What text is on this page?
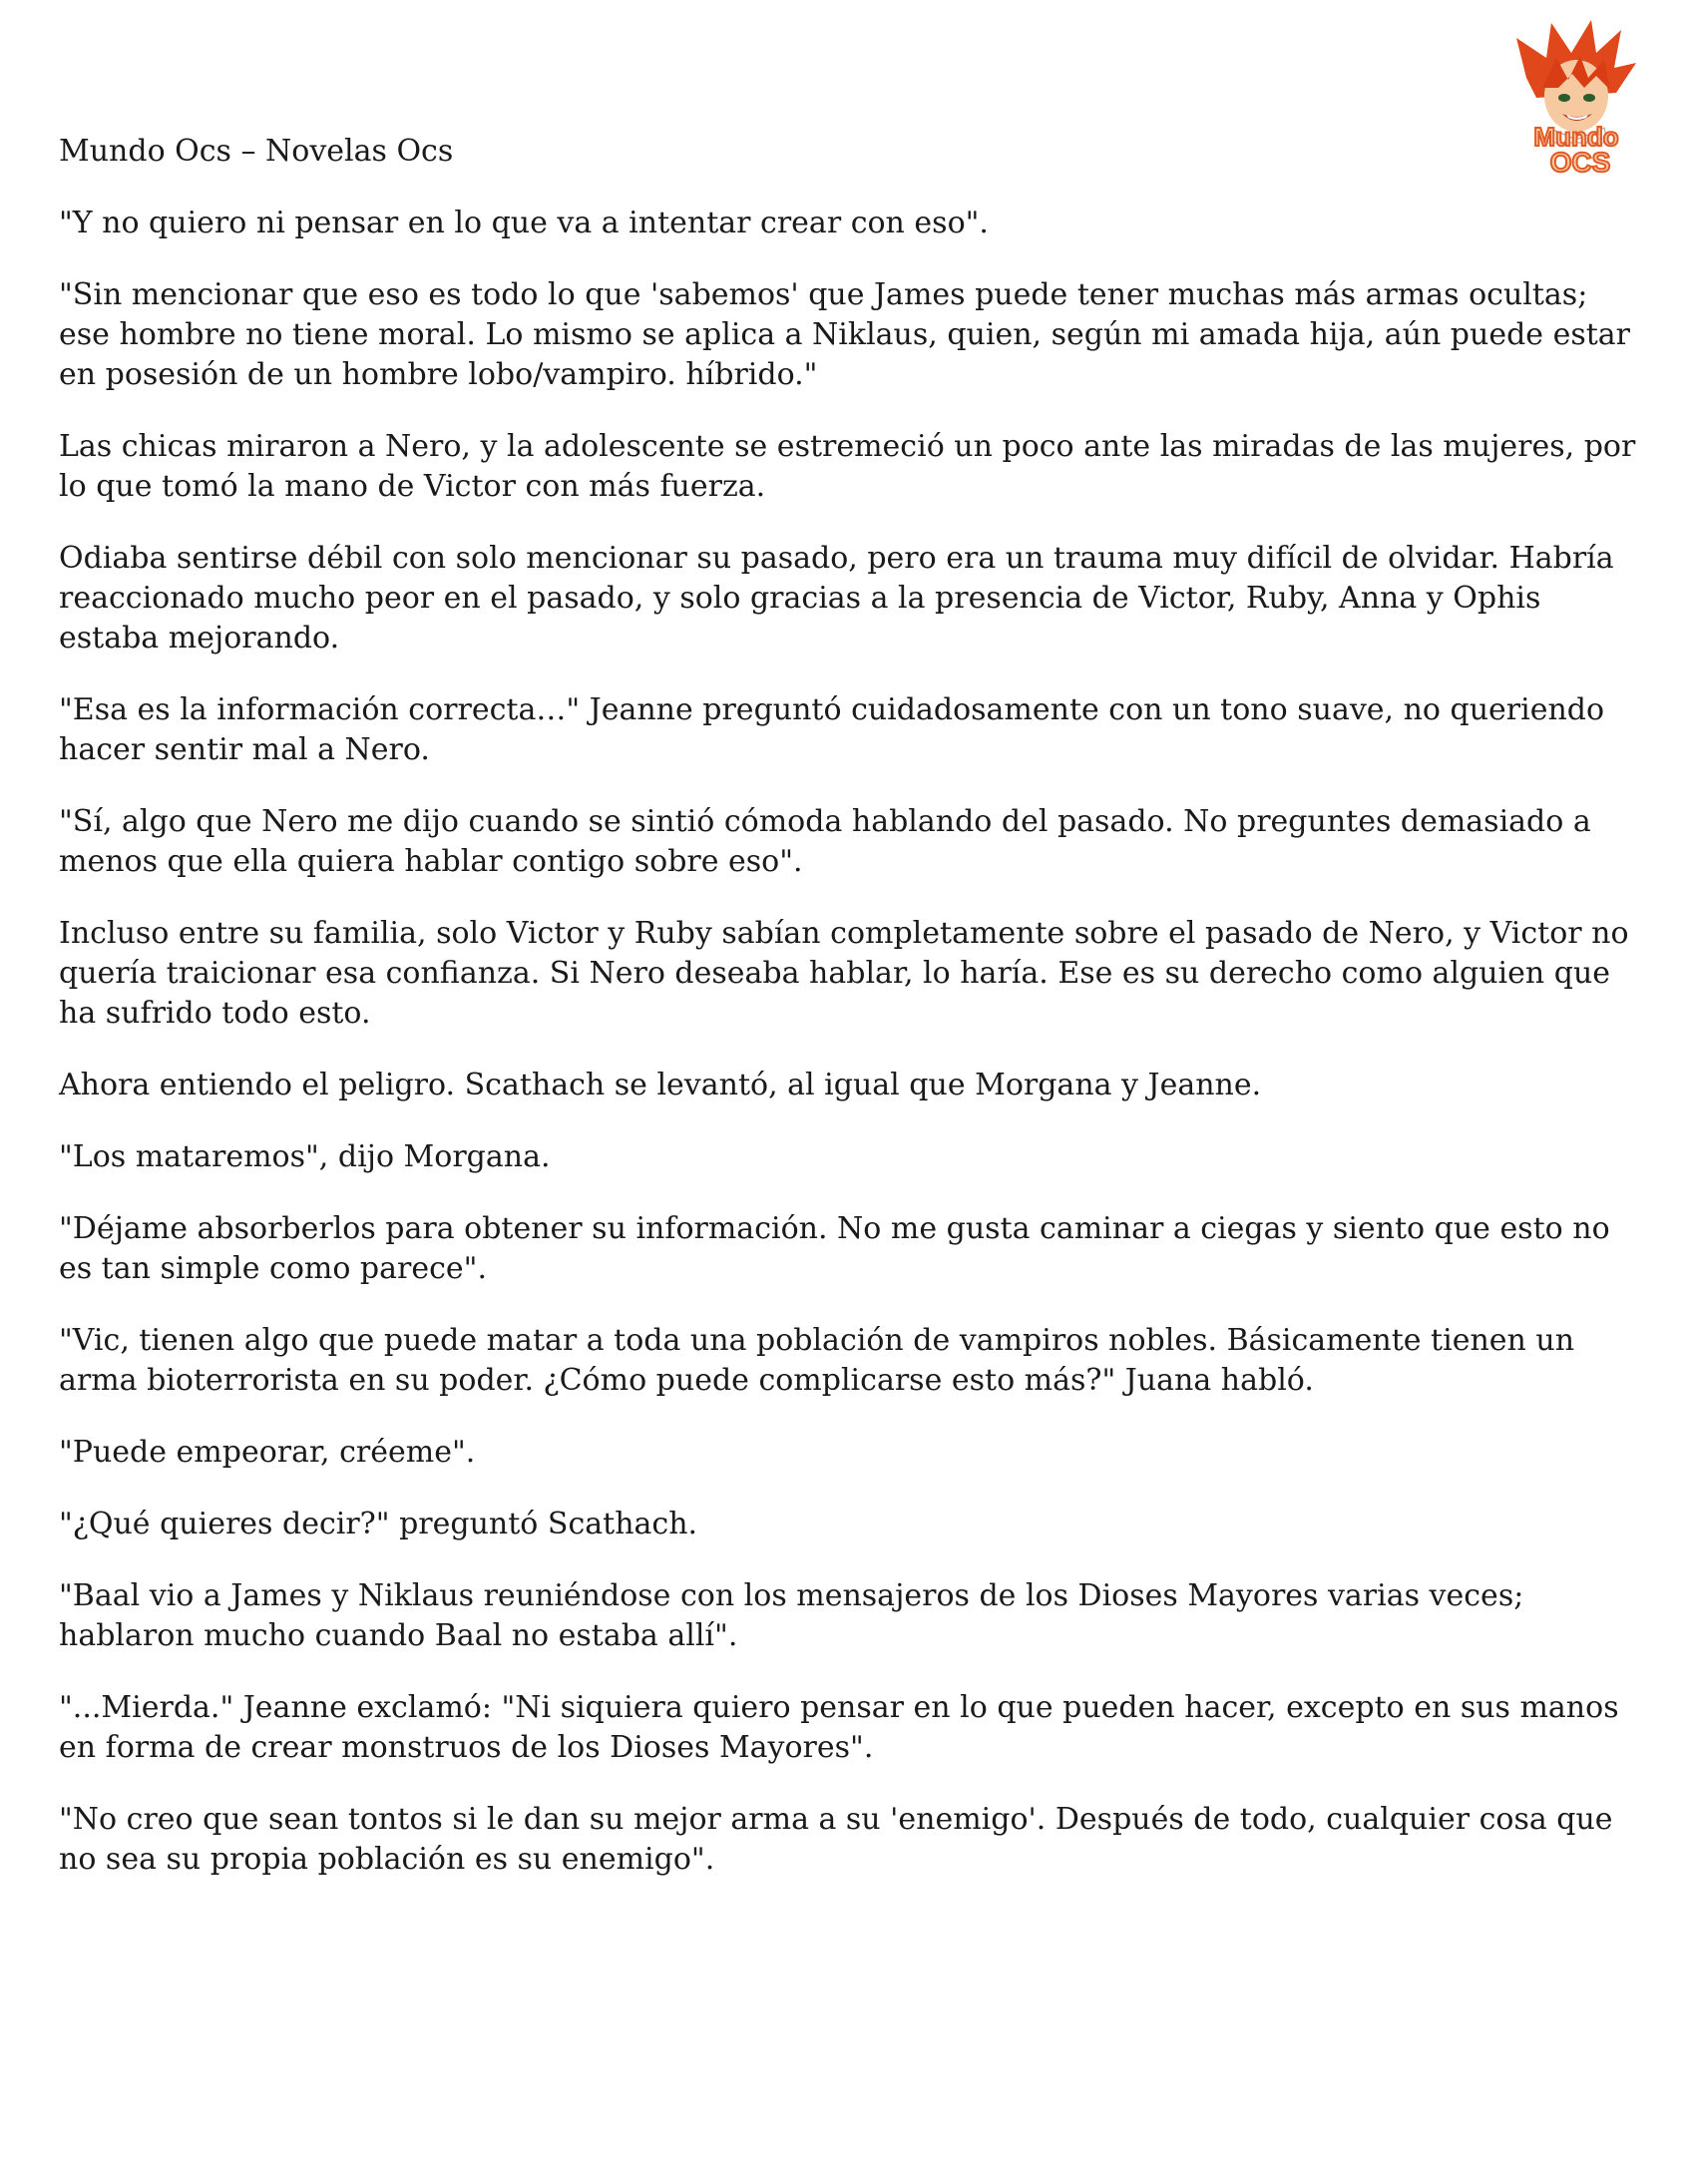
Mundo
OCS

Mundo Ocs – Novelas Ocs

"Y no quiero ni pensar en lo que va a intentar crear con eso".

"Sin mencionar que eso es todo lo que 'sabemos' que James puede tener muchas más armas ocultas; ese hombre no tiene moral. Lo mismo se aplica a Niklaus, quien, según mi amada hija, aún puede estar en posesión de un hombre lobo/vampiro. híbrido."

Las chicas miraron a Nero, y la adolescente se estremeció un poco ante las miradas de las mujeres, por lo que tomó la mano de Victor con más fuerza.

Odiaba sentirse débil con solo mencionar su pasado, pero era un trauma muy difícil de olvidar. Habría reaccionado mucho peor en el pasado, y solo gracias a la presencia de Victor, Ruby, Anna y Ophis estaba mejorando.

"Esa es la información correcta…" Jeanne preguntó cuidadosamente con un tono suave, no queriendo hacer sentir mal a Nero.

"Sí, algo que Nero me dijo cuando se sintió cómoda hablando del pasado. No preguntes demasiado a menos que ella quiera hablar contigo sobre eso".

Incluso entre su familia, solo Victor y Ruby sabían completamente sobre el pasado de Nero, y Victor no quería traicionar esa confianza. Si Nero deseaba hablar, lo haría. Ese es su derecho como alguien que ha sufrido todo esto.

Ahora entiendo el peligro. Scathach se levantó, al igual que Morgana y Jeanne.

"Los mataremos", dijo Morgana.

"Déjame absorberlos para obtener su información. No me gusta caminar a ciegas y siento que esto no es tan simple como parece".

"Vic, tienen algo que puede matar a toda una población de vampiros nobles. Básicamente tienen un arma bioterrorista en su poder. ¿Cómo puede complicarse esto más?" Juana habló.

"Puede empeorar, créeme".

"¿Qué quieres decir?" preguntó Scathach.

"Baal vio a James y Niklaus reuniéndose con los mensajeros de los Dioses Mayores varias veces; hablaron mucho cuando Baal no estaba allí".

"...Mierda." Jeanne exclamó: "Ni siquiera quiero pensar en lo que pueden hacer, excepto en sus manos en forma de crear monstruos de los Dioses Mayores".

"No creo que sean tontos si le dan su mejor arma a su 'enemigo'. Después de todo, cualquier cosa que no sea su propia población es su enemigo".
